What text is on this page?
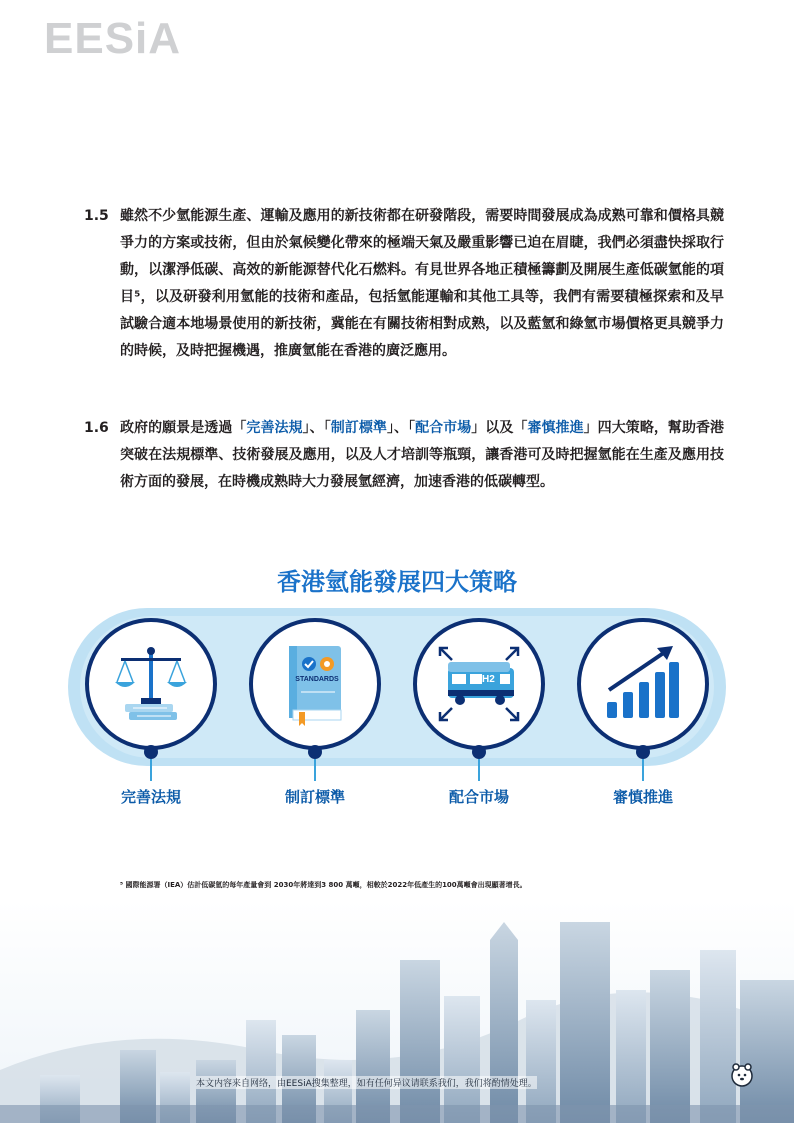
EESiA
1.5 雖然不少氫能源生產、運輸及應用的新技術都在研發階段，需要時間發展成為成熟可靠和價格具競爭力的方案或技術，但由於氣候變化帶來的極端天氣及嚴重影響已迫在眉睫，我們必須盡快採取行動，以潔淨低碳、高效的新能源替代化石燃料。有見世界各地正積極籌劃及開展生產低碳氫能的項目⁵，以及研發利用氫能的技術和產品，包括氫能運輸和其他工具等，我們有需要積極探索和及早試驗合適本地場景使用的新技術，冀能在有關技術相對成熟，以及藍氫和綠氫市場價格更具競爭力的時候，及時把握機遇，推廣氫能在香港的廣泛應用。
1.6 政府的願景是透過「完善法規」、「制訂標準」、「配合市場」以及「審慎推進」四大策略，幫助香港突破在法規標準、技術發展及應用，以及人才培訓等瓶頸，讓香港可及時把握氫能在生產及應用技術方面的發展，在時機成熟時大力發展氫經濟，加速香港的低碳轉型。
香港氫能發展四大策略
完善法規
STANDARDS
制訂標準
H2
配合市場	審慎推進
⁵ 國際能源署（IEA）估計低碳氫的每年產量會到 2030年將達到3 800 萬噸，相較於2022年低產生的100萬噸會出現顯著增長。
本文内容来自网络，由EESiA搜集整理，如有任何异议请联系我们，我们将酌情处理。
